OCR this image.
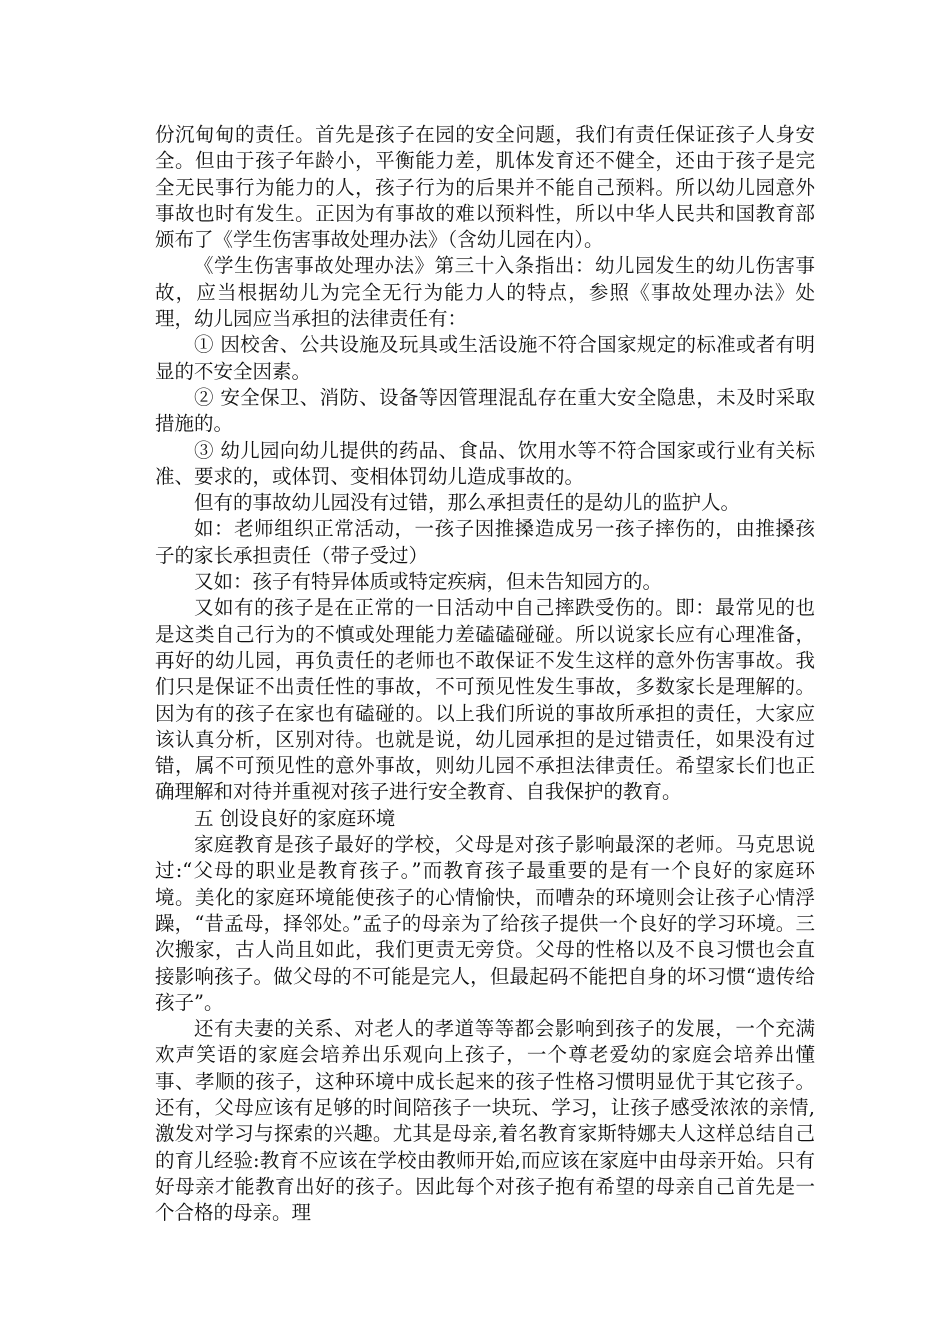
份沉甸甸的责任。首先是孩子在园的安全问题，我们有责任保证孩子人身安全。但由于孩子年龄小，平衡能力差，肌体发育还不健全，还由于孩子是完全无民事行为能力的人，孩子行为的后果并不能自己预料。所以幼儿园意外事故也时有发生。正因为有事故的难以预料性，所以中华人民共和国教育部颁布了《学生伤害事故处理办法》（含幼儿园在内）。

《学生伤害事故处理办法》第三十入条指出：幼儿园发生的幼儿伤害事故，应当根据幼儿为完全无行为能力人的特点，参照《事故处理办法》处理，幼儿园应当承担的法律责任有：

① 因校舍、公共设施及玩具或生活设施不符合国家规定的标准或者有明显的不安全因素。

② 安全保卫、消防、设备等因管理混乱存在重大安全隐患，未及时采取措施的。

③ 幼儿园向幼儿提供的药品、食品、饮用水等不符合国家或行业有关标准、要求的，或体罚、变相体罚幼儿造成事故的。

但有的事故幼儿园没有过错，那么承担责任的是幼儿的监护人。

如：老师组织正常活动，一孩子因推搡造成另一孩子摔伤的，由推搡孩子的家长承担责任（带子受过）

又如：孩子有特异体质或特定疾病，但未告知园方的。

又如有的孩子是在正常的一日活动中自己摔跌受伤的。即：最常见的也是这类自己行为的不慎或处理能力差磕磕碰碰。所以说家长应有心理准备，再好的幼儿园，再负责任的老师也不敢保证不发生这样的意外伤害事故。我们只是保证不出责任性的事故，不可预见性发生事故，多数家长是理解的。因为有的孩子在家也有磕碰的。以上我们所说的事故所承担的责任，大家应该认真分析，区别对待。也就是说，幼儿园承担的是过错责任，如果没有过错，属不可预见性的意外事故，则幼儿园不承担法律责任。希望家长们也正确理解和对待并重视对孩子进行安全教育、自我保护的教育。

五 创设良好的家庭环境

家庭教育是孩子最好的学校，父母是对孩子影响最深的老师。马克思说过:“父母的职业是教育孩子。”而教育孩子最重要的是有一个良好的家庭环境。美化的家庭环境能使孩子的心情愉快，而嘈杂的环境则会让孩子心情浮躁，“昔孟母，择邻处。”孟子的母亲为了给孩子提供一个良好的学习环境。三次搬家，古人尚且如此，我们更责无旁贷。父母的性格以及不良习惯也会直接影响孩子。做父母的不可能是完人，但最起码不能把自身的坏习惯“遗传给孩子”。

还有夫妻的关系、对老人的孝道等等都会影响到孩子的发展，一个充满欢声笑语的家庭会培养出乐观向上孩子，一个尊老爱幼的家庭会培养出懂事、孝顺的孩子，这种环境中成长起来的孩子性格习惯明显优于其它孩子。还有，父母应该有足够的时间陪孩子一块玩、学习，让孩子感受浓浓的亲情,激发对学习与探索的兴趣。尤其是母亲,着名教育家斯特娜夫人这样总结自己的育儿经验:教育不应该在学校由教师开始,而应该在家庭中由母亲开始。只有好母亲才能教育出好的孩子。因此每个对孩子抱有希望的母亲自己首先是一个合格的母亲。理
